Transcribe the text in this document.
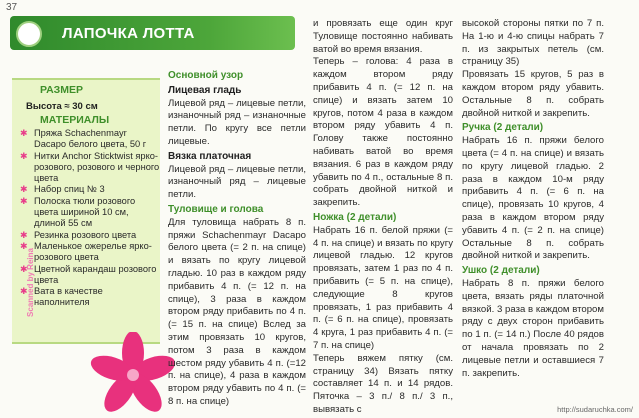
37
ЛАПОЧКА ЛОТТА
РАЗМЕР
Высота ≈ 30 см
МАТЕРИАЛЫ
✱ Пряжа Schachenmayr Dacapo белого цвета, 50 г
✱ Нитки Anchor Sticktwist ярко-розового, розового и черного цвета
✱ Набор спиц № 3
✱ Полоска тюли розового цвета шириной 10 см, длиной 55 см
✱ Резинка розового цвета
✱ Маленькое ожерелье ярко-розового цвета
✱ Цветной карандаш розового цвета
✱ Вата в качестве наполнителя
Scanned by Reina

Основной узор

Лицевая гладь

Лицевой ряд – лицевые петли, изнаночный ряд – изнаночные петли. По кругу все петли лицевые.

Вязка платочная

Лицевой ряд – лицевые петли, изнаночный ряд – лицевые петли.

Туловище и голова

Для туловища набрать 8 п. пряжи Schachenmayr Dacapo белого цвета (= 2 п. на спице) и вязать по кругу лицевой гладью. 10 раз в каждом ряду прибавить 4 п. (= 12 п. на спице), 3 раза в каждом втором ряду прибавить по 4 п. (= 15 п. на спице) Вслед за этим провязать 10 кругов, потом 3 раза в каждом шестом ряду убавить 4 п. (=12 п. на спице), 4 раза в каждом втором ряду убавить по 4 п. (= 8 п. на спице)

и провязать еще один круг Туловище постоянно набивать ватой во время вязания.

Теперь – голова: 4 раза в каждом втором ряду прибавить 4 п. (= 12 п. на спице) и вязать затем 10 кругов, потом 4 раза в каждом втором ряду убавить 4 п. Голову также постоянно набивать ватой во время вязания. 6 раз в каждом ряду убавить по 4 п., остальные 8 п. собрать двойной ниткой и закрепить.

Ножка (2 детали)

Набрать 16 п. белой пряжи (= 4 п. на спице) и вязать по кругу лицевой гладью. 12 кругов провязать, затем 1 раз по 4 п. прибавить (= 5 п. на спице), следующие 8 кругов провязать, 1 раз прибавить 4 п. (= 6 п. на спице), провязать 4 круга, 1 раз прибавить 4 п. (= 7 п. на спице)

Теперь вяжем пятку (см. страницу 34) Вязать пятку составляет 14 п. и 14 рядов. Пяточка – 3 п./ 8 п./ 3 п., вывязать с

высокой стороны пятки по 7 п. На 1-ю и 4-ю спицы набрать 7 п. из закрытых петель (см. страницу 35)

Провязать 15 кругов, 5 раз в каждом втором ряду убавить. Остальные 8 п. собрать двойной ниткой и закрепить.

Ручка (2 детали)

Набрать 16 п. пряжи белого цвета (= 4 п. на спице) и вязать по кругу лицевой гладью. 2 раза в каждом 10-м ряду прибавить 4 п. (= 6 п. на спице), провязать 10 кругов, 4 раза в каждом втором ряду убавить 4 п. (= 2 п. на спице) Остальные 8 п. собрать двойной ниткой и закрепить.

Ушко (2 детали)

Набрать 8 п. пряжи белого цвета, вязать ряды платочной вязкой. 3 раза в каждом втором ряду с двух сторон прибавить по 1 п. (= 14 п.) После 40 рядов от начала провязать по 2 лицевые петли и оставшиеся 7 п. закрепить.

http://sudaruchka.com/
